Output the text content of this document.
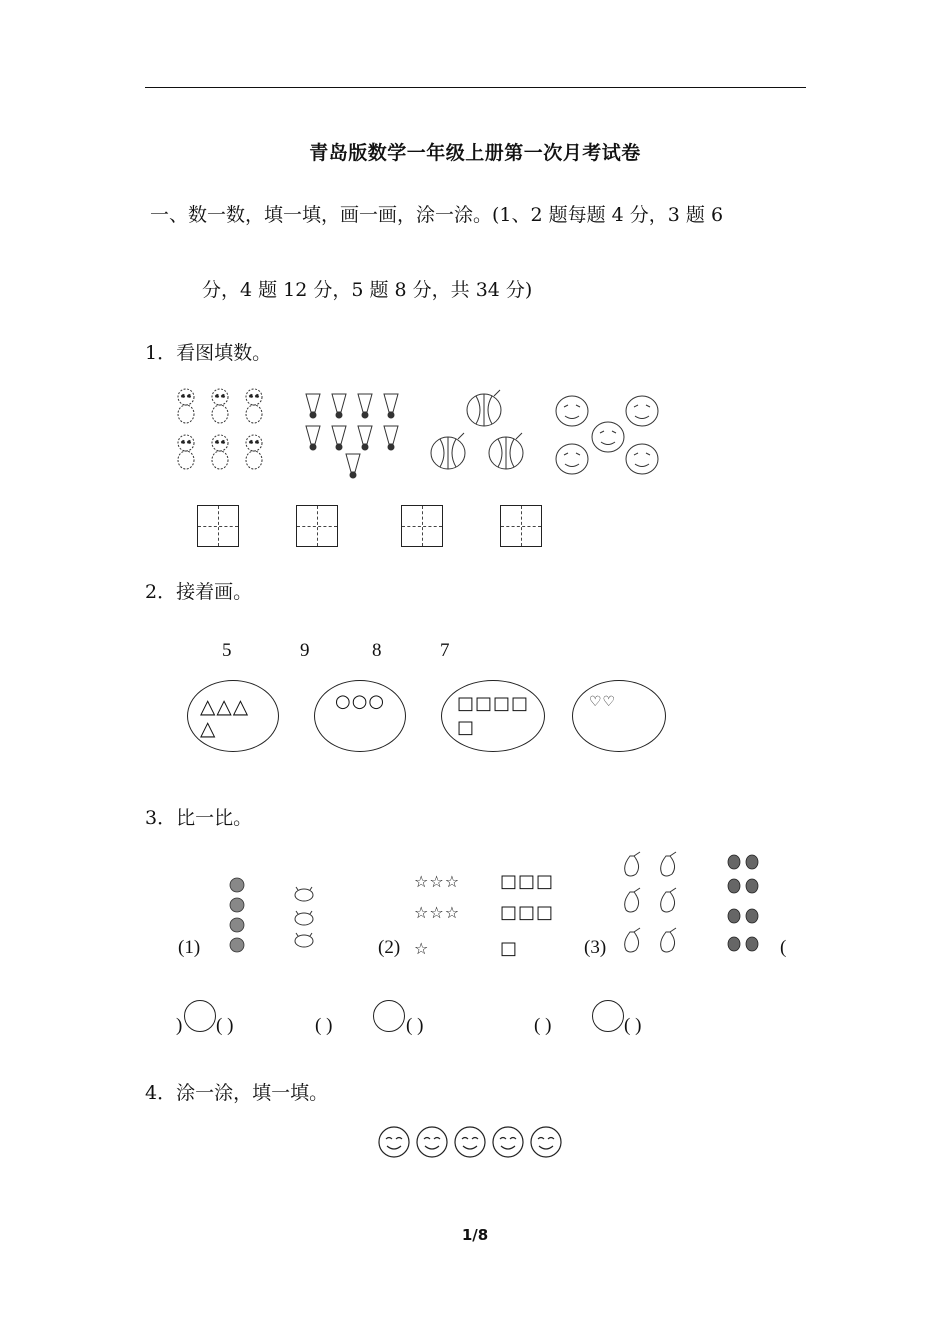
青岛版数学一年级上册第一次月考试卷
一、数一数，填一填，画一画，涂一涂。(1、2 题每题 4 分，3 题 6
分，4 题 12 分，5 题 8 分，共 34 分)
1．看图填数。
2．接着画。
5	9	8	7
△△△
△
○○○	□□□□
□
♡♡
3．比一比。
(1)	(2)
☆☆☆
☆☆☆
☆
□□□
□□□
□	(3)	(
) ( )	( )	( )	( )	( )
4．涂一涂，填一填。
1/8
